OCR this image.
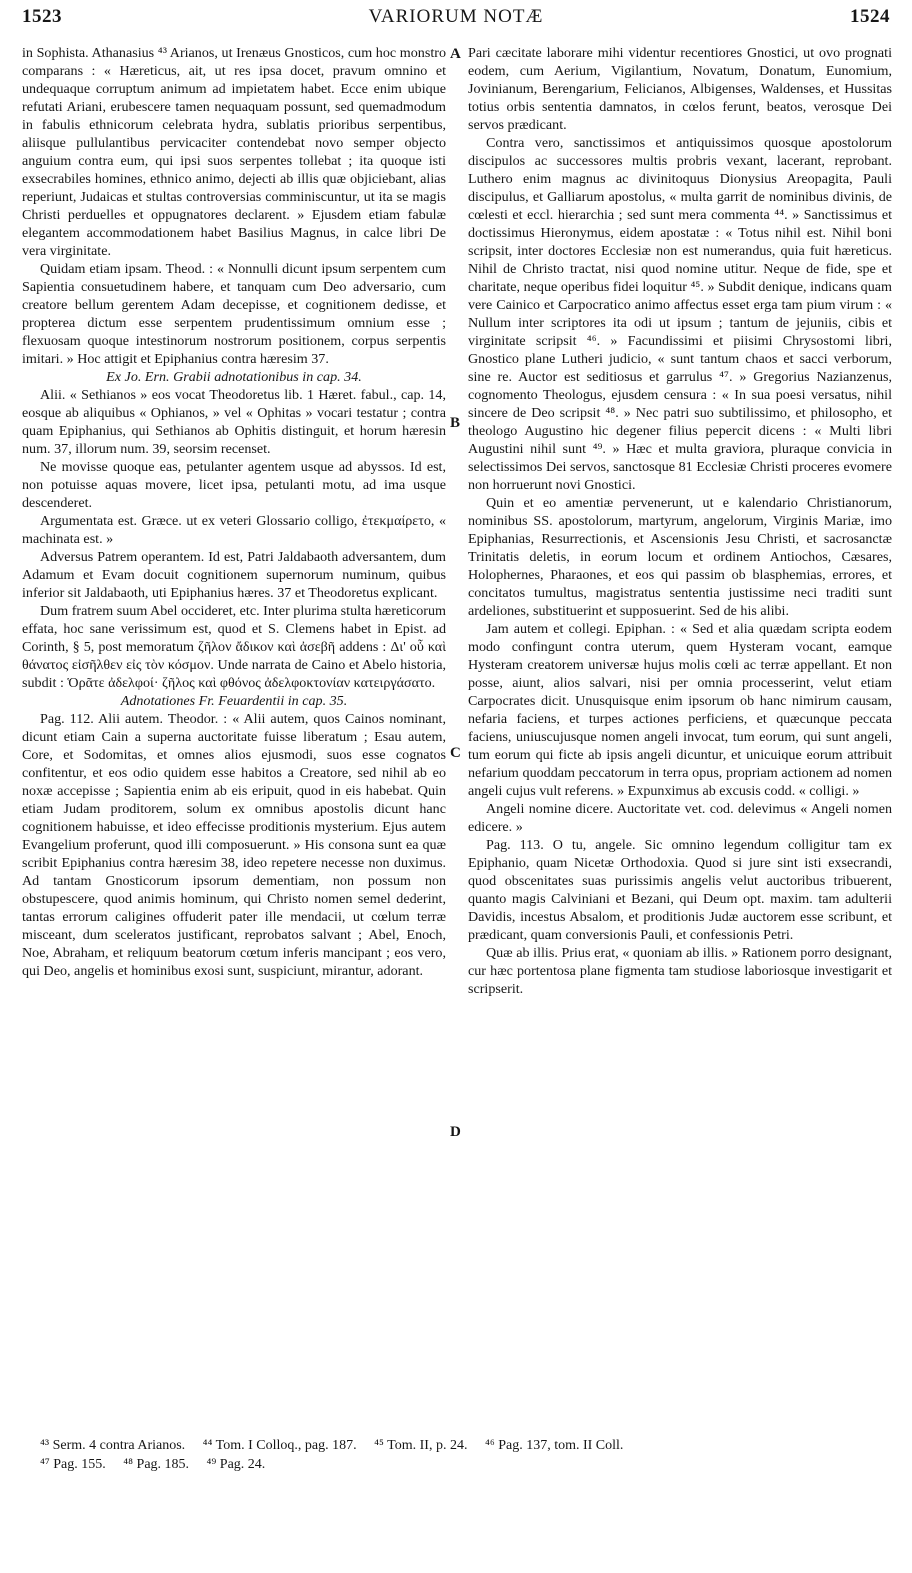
1523	VARIORUM NOTÆ	1524

in Sophista. Athanasius ⁴³ Arianos, ut Irenæus Gnosticos, cum hoc monstro comparans : « Hæreticus, ait, ut res ipsa docet, pravum omnino et undequaque corruptum animum ad impietatem habet. Ecce enim ubique refutati Ariani, erubescere tamen nequaquam possunt, sed quemadmodum in fabulis ethnicorum celebrata hydra, sublatis prioribus serpentibus, aliisque pullulantibus pervicaciter contendebat novo semper objecto anguium contra eum, qui ipsi suos serpentes tollebat ; ita quoque isti exsecrabiles homines, ethnico animo, dejecti ab illis quæ objiciebant, alias reperiunt, Judaicas et stultas controversias comminiscuntur, ut ita se magis Christi perduelles et oppugnatores declarent. » Ejusdem etiam fabulæ elegantem accommodationem habet Basilius Magnus, in calce libri De vera virginitate.

Quidam etiam ipsam. Theod. : « Nonnulli dicunt ipsum serpentem cum Sapientia consuetudinem habere, et tanquam cum Deo adversario, cum creatore bellum gerentem Adam decepisse, et cognitionem dedisse, et propterea dictum esse serpentem prudentissimum omnium esse ; flexuosam quoque intestinorum nostrorum positionem, corpus serpentis imitari. » Hoc attigit et Epiphanius contra hæresim 37.

Ex Jo. Ern. Grabii adnotationibus in cap. 34.

Alii. « Sethianos » eos vocat Theodoretus lib. 1 Hæret. fabul., cap. 14, eosque ab aliquibus « Ophianos, » vel « Ophitas » vocari testatur ; contra quam Epiphanius, qui Sethianos ab Ophitis distinguit, et horum hæresin num. 37, illorum num. 39, seorsim recenset.

Ne movisse quoque eas, petulanter agentem usque ad abyssos. Id est, non potuisse aquas movere, licet ipsa, petulanti motu, ad ima usque descenderet.

Argumentata est. Græce. ut ex veteri Glossario colligo, ἐτεκμαίρετο, « machinata est. »

Adversus Patrem operantem. Id est, Patri Jaldabaoth adversantem, dum Adamum et Evam docuit cognitionem supernorum numinum, quibus inferior sit Jaldabaoth, uti Epiphanius hæres. 37 et Theodoretus explicant.

Dum fratrem suum Abel occideret, etc. Inter plurima stulta hæreticorum effata, hoc sane verissimum est, quod et S. Clemens habet in Epist. ad Corinth, § 5, post memoratum ζῆλον ἄδικον καὶ ἀσεβῆ addens : Δι' οὗ καὶ θάνατος εἰσῆλθεν εἰς τὸν κόσμον. Unde narrata de Caino et Abelo historia, subdit : Ὁρᾶτε ἀδελφοί· ζῆλος καὶ φθόνος ἀδελφοκτονίαν κατειργάσατο.

Adnotationes Fr. Feuardentii in cap. 35.

Pag. 112. Alii autem. Theodor. : « Alii autem, quos Cainos nominant, dicunt etiam Cain a superna auctoritate fuisse liberatum ; Esau autem, Core, et Sodomitas, et omnes alios ejusmodi, suos esse cognatos confitentur, et eos odio quidem esse habitos a Creatore, sed nihil ab eo noxæ accepisse ; Sapientia enim ab eis eripuit, quod in eis habebat. Quin etiam Judam proditorem, solum ex omnibus apostolis dicunt hanc cognitionem habuisse, et ideo effecisse proditionis mysterium. Ejus autem Evangelium proferunt, quod illi composuerunt. » His consona sunt ea quæ scribit Epiphanius contra hæresim 38, ideo repetere necesse non duximus. Ad tantam Gnosticorum ipsorum dementiam, non possum non obstupescere, quod animis hominum, qui Christo nomen semel dederint, tantas errorum caligines offuderit pater ille mendacii, ut cœlum terræ misceant, dum sceleratos justificant, reprobatos salvant ; Abel, Enoch, Noe, Abraham, et reliquum beatorum cœtum inferis mancipant ; eos vero, qui Deo, angelis et hominibus exosi sunt, suspiciunt, mirantur, adorant.

A
B
C
D

Pari cæcitate laborare mihi videntur recentiores Gnostici, ut ovo prognati eodem, cum Aerium, Vigilantium, Novatum, Donatum, Eunomium, Jovinianum, Berengarium, Felicianos, Albigenses, Waldenses, et Hussitas totius orbis sententia damnatos, in cœlos ferunt, beatos, verosque Dei servos prædicant.

Contra vero, sanctissimos et antiquissimos quosque apostolorum discipulos ac successores multis probris vexant, lacerant, reprobant. Luthero enim magnus ac divinitoquus Dionysius Areopagita, Pauli discipulus, et Galliarum apostolus, « multa garrit de nominibus divinis, de cœlesti et eccl. hierarchia ; sed sunt mera commenta ⁴⁴. » Sanctissimus et doctissimus Hieronymus, eidem apostatæ : « Totus nihil est. Nihil boni scripsit, inter doctores Ecclesiæ non est numerandus, quia fuit hæreticus. Nihil de Christo tractat, nisi quod nomine utitur. Neque de fide, spe et charitate, neque operibus fidei loquitur ⁴⁵. » Subdit denique, indicans quam vere Cainico et Carpocratico animo affectus esset erga tam pium virum : « Nullum inter scriptores ita odi ut ipsum ; tantum de jejuniis, cibis et virginitate scripsit ⁴⁶. » Facundissimi et piisimi Chrysostomi libri, Gnostico plane Lutheri judicio, « sunt tantum chaos et sacci verborum, sine re. Auctor est seditiosus et garrulus ⁴⁷. » Gregorius Nazianzenus, cognomento Theologus, ejusdem censura : « In sua poesi versatus, nihil sincere de Deo scripsit ⁴⁸. » Nec patri suo subtilissimo, et philosopho, et theologo Augustino hic degener filius pepercit dicens : « Multi libri Augustini nihil sunt ⁴⁹. » Hæc et multa graviora, pluraque convicia in selectissimos Dei servos, sanctosque 81 Ecclesiæ Christi proceres evomere non horruerunt novi Gnostici.

Quin et eo amentiæ pervenerunt, ut e kalendario Christianorum, nominibus SS. apostolorum, martyrum, angelorum, Virginis Mariæ, imo Epiphanias, Resurrectionis, et Ascensionis Jesu Christi, et sacrosanctæ Trinitatis deletis, in eorum locum et ordinem Antiochos, Cæsares, Holophernes, Pharaones, et eos qui passim ob blasphemias, errores, et concitatos tumultus, magistratus sententia justissime neci traditi sunt ardeliones, substituerint et supposuerint. Sed de his alibi.

Jam autem et collegi. Epiphan. : « Sed et alia quædam scripta eodem modo confingunt contra uterum, quem Hysteram vocant, eamque Hysteram creatorem universæ hujus molis cœli ac terræ appellant. Et non posse, aiunt, alios salvari, nisi per omnia processerint, velut etiam Carpocrates dicit. Unusquisque enim ipsorum ob hanc nimirum causam, nefaria faciens, et turpes actiones perficiens, et quæcunque peccata faciens, uniuscujusque nomen angeli invocat, tum eorum, qui sunt angeli, tum eorum qui ficte ab ipsis angeli dicuntur, et unicuique eorum attribuit nefarium quoddam peccatorum in terra opus, propriam actionem ad nomen angeli cujus vult referens. » Expunximus ab excusis codd. « colligi. »

Angeli nomine dicere. Auctoritate vet. cod. delevimus « Angeli nomen edicere. »

Pag. 113. O tu, angele. Sic omnino legendum colligitur tam ex Epiphanio, quam Nicetæ Orthodoxia. Quod si jure sint isti exsecrandi, quod obscenitates suas purissimis angelis velut auctoribus tribuerent, quanto magis Calviniani et Bezani, qui Deum opt. maxim. tam adulterii Davidis, incestus Absalom, et proditionis Judæ auctorem esse scribunt, et prædicant, quam conversionis Pauli, et confessionis Petri.

Quæ ab illis. Prius erat, « quoniam ab illis. » Rationem porro designant, cur hæc portentosa plane figmenta tam studiose laboriosque investigarit et scripserit.

⁴³ Serm. 4 contra Arianos. ⁴⁴ Tom. I Colloq., pag. 187. ⁴⁵ Tom. II, p. 24. ⁴⁶ Pag. 137, tom. II Coll.
⁴⁷ Pag. 155. ⁴⁸ Pag. 185. ⁴⁹ Pag. 24.
